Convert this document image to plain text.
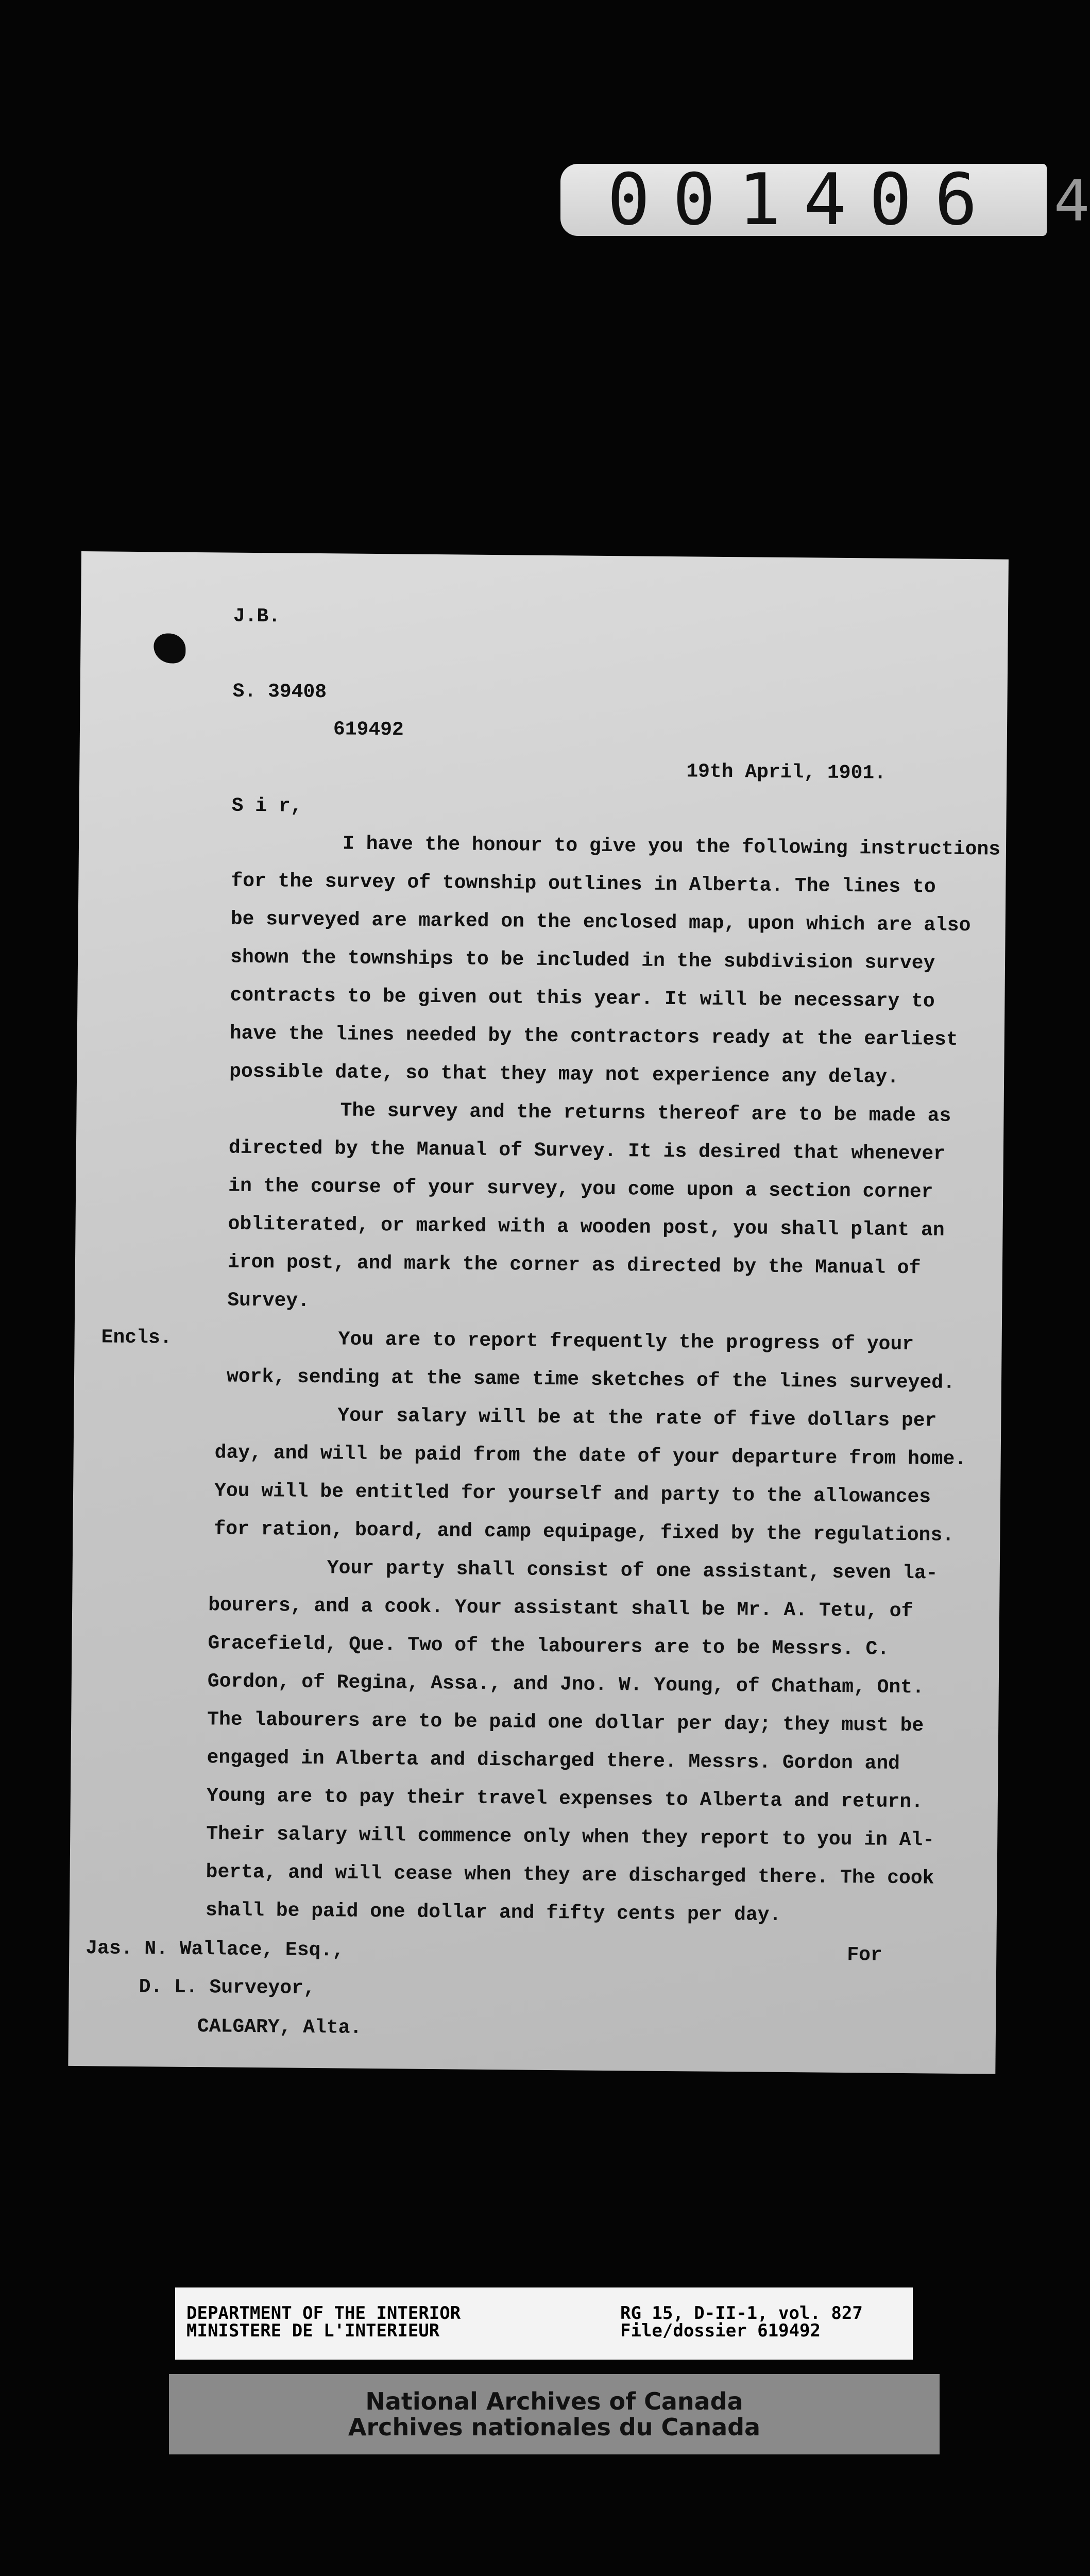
001406 4
J.B.
S. 39408
619492
19th April, 1901.
S i r,
I have the honour to give you the following instructions
for the survey of township outlines in Alberta. The lines to
be surveyed are marked on the enclosed map, upon which are also
shown the townships to be included in the subdivision survey
contracts to be given out this year. It will be necessary to
have the lines needed by the contractors ready at the earliest
possible date, so that they may not experience any delay.
The survey and the returns thereof are to be made as
directed by the Manual of Survey. It is desired that whenever
in the course of your survey, you come upon a section corner
obliterated, or marked with a wooden post, you shall plant an
iron post, and mark the corner as directed by the Manual of
Survey.
Encls.	You are to report frequently the progress of your
work, sending at the same time sketches of the lines surveyed.
Your salary will be at the rate of five dollars per
day, and will be paid from the date of your departure from home.
You will be entitled for yourself and party to the allowances
for ration, board, and camp equipage, fixed by the regulations.
Your party shall consist of one assistant, seven la-
bourers, and a cook. Your assistant shall be Mr. A. Tetu, of
Gracefield, Que. Two of the labourers are to be Messrs. C.
Gordon, of Regina, Assa., and Jno. W. Young, of Chatham, Ont.
The labourers are to be paid one dollar per day; they must be
engaged in Alberta and discharged there. Messrs. Gordon and
Young are to pay their travel expenses to Alberta and return.
Their salary will commence only when they report to you in Al-
berta, and will cease when they are discharged there. The cook
shall be paid one dollar and fifty cents per day.
Jas. N. Wallace, Esq.,	For
D. L. Surveyor,
CALGARY, Alta.
DEPARTMENT OF THE INTERIOR
MINISTERE DE L'INTERIEUR
RG 15, D-II-1, vol. 827
File/dossier 619492
National Archives of Canada
Archives nationales du Canada
